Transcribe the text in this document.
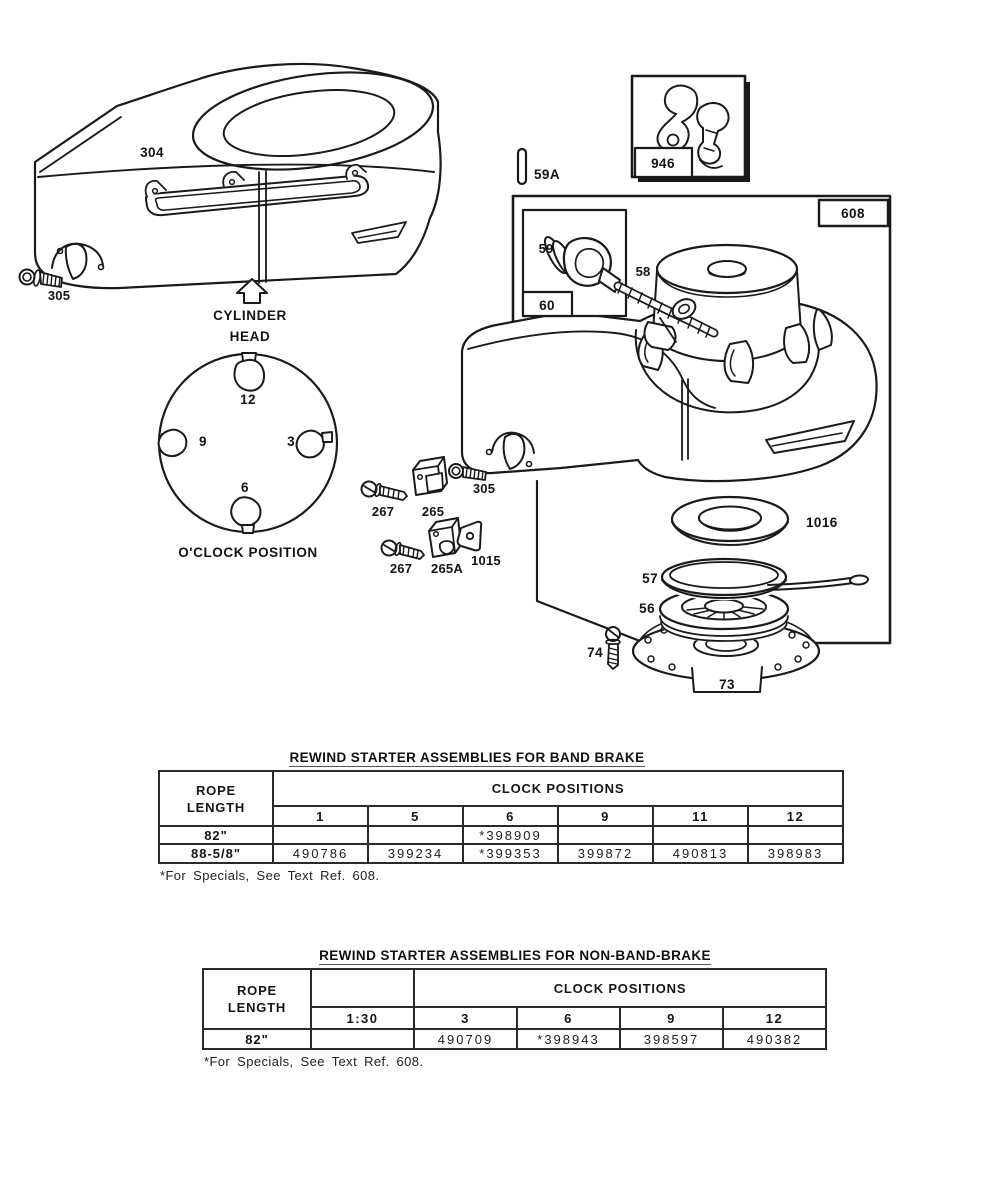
608
60
59
58
1016
73
56
57
74
267 265
305
267 265A
1015
59A
946
304
305
CYLINDER
HEAD
12
9	3
6
O'CLOCK POSITION
REWIND STARTER ASSEMBLIES FOR BAND BRAKE
ROPE
LENGTH	CLOCK POSITIONS					
	1	5	6	9	11	12
82"			*398909			
88-5/8"	490786	399234	*399353	399872	490813	398983
*For Specials, See Text Ref. 608.
REWIND STARTER ASSEMBLIES FOR NON-BAND-BRAKE
ROPE
LENGTH		CLOCK POSITIONS			
	1:30	3	6	9	12
82"		490709	*398943	398597	490382
*For Specials, See Text Ref. 608.
